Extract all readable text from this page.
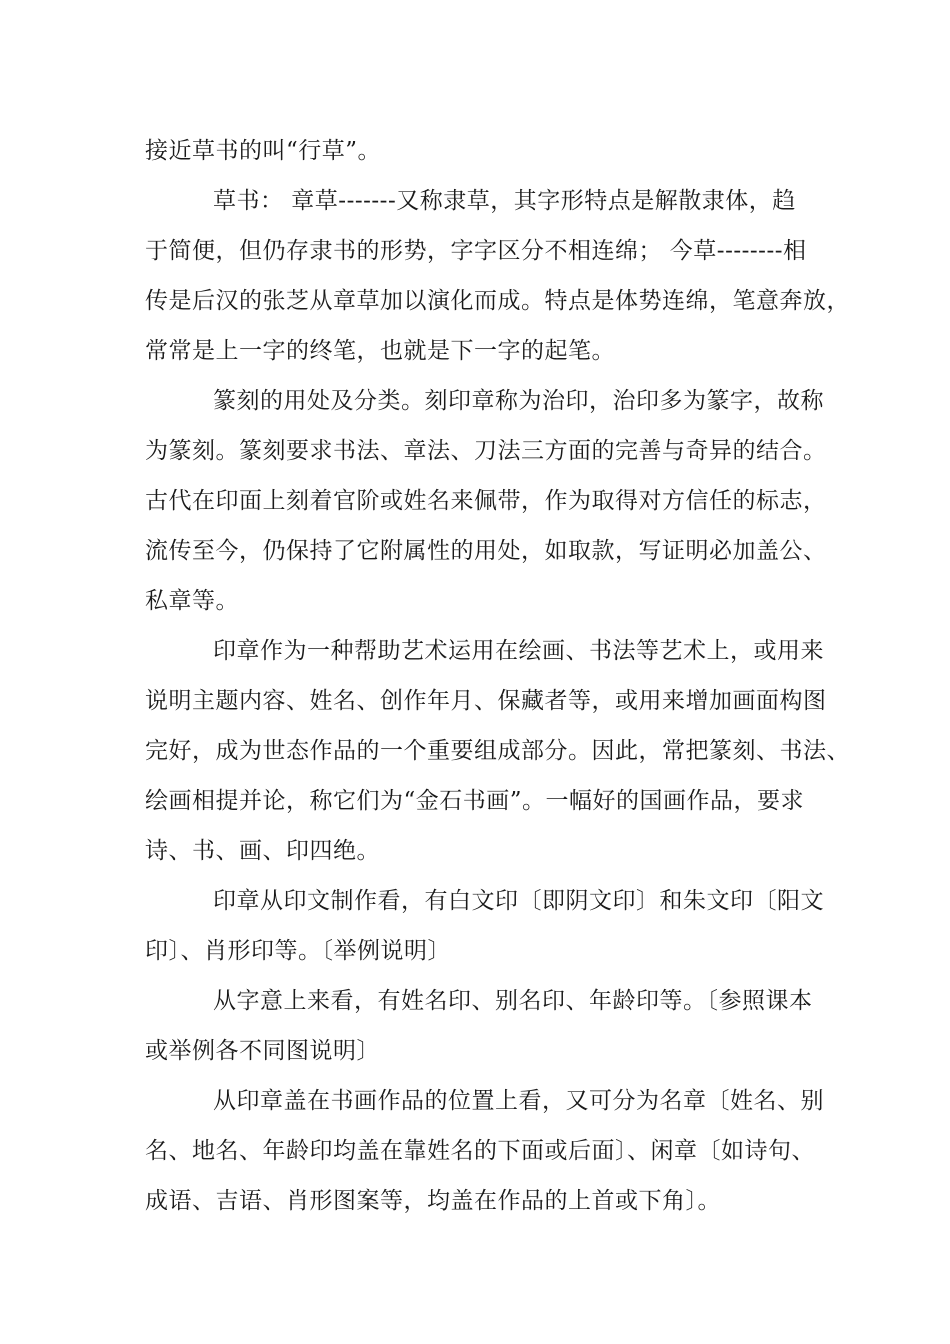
接近草书的叫“行草”。
草书： 章草-------又称隶草，其字形特点是解散隶体，趋
于简便，但仍存隶书的形势，字字区分不相连绵； 今草--------相
传是后汉的张芝从章草加以演化而成。特点是体势连绵，笔意奔放，
常常是上一字的终笔，也就是下一字的起笔。
篆刻的用处及分类。刻印章称为治印，治印多为篆字，故称
为篆刻。篆刻要求书法、章法、刀法三方面的完善与奇异的结合。
古代在印面上刻着官阶或姓名来佩带，作为取得对方信任的标志，
流传至今，仍保持了它附属性的用处，如取款，写证明必加盖公、
私章等。
印章作为一种帮助艺术运用在绘画、书法等艺术上，或用来
说明主题内容、姓名、创作年月、保藏者等，或用来增加画面构图
完好，成为世态作品的一个重要组成部分。因此，常把篆刻、书法、
绘画相提并论，称它们为“金石书画”。一幅好的国画作品，要求
诗、书、画、印四绝。
印章从印文制作看，有白文印〔即阴文印〕和朱文印〔阳文
印〕、肖形印等。〔举例说明〕
从字意上来看，有姓名印、别名印、年龄印等。〔参照课本
或举例各不同图说明〕
从印章盖在书画作品的位置上看，又可分为名章〔姓名、别
名、地名、年龄印均盖在靠姓名的下面或后面〕、闲章〔如诗句、
成语、吉语、肖形图案等，均盖在作品的上首或下角〕。
